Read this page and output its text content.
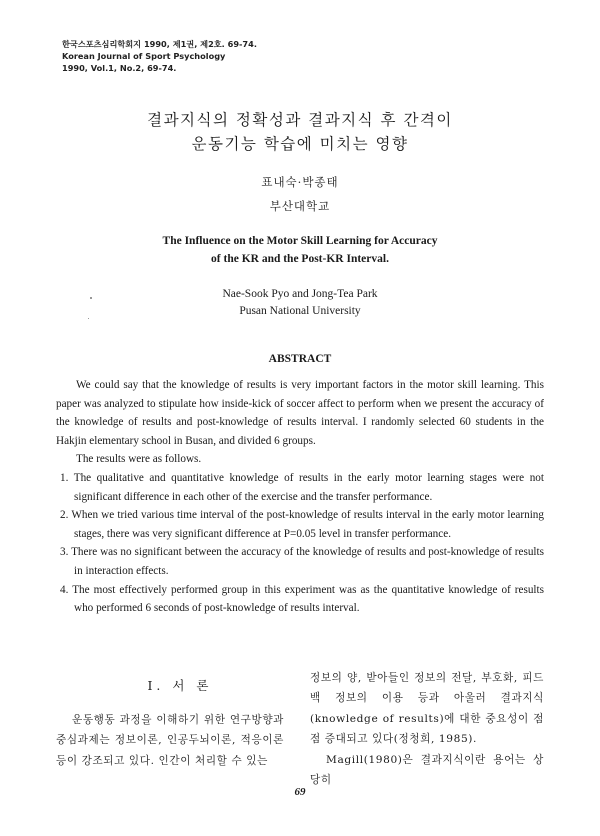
한국스포츠심리학회지 1990, 제1권, 제2호. 69-74.
Korean Journal of Sport Psychology
1990, Vol.1, No.2, 69-74.
결과지식의 정확성과 결과지식 후 간격이
운동기능 학습에 미치는 영향
표내숙·박종태
부산대학교
The Influence on the Motor Skill Learning for Accuracy
of the KR and the Post-KR Interval.
Nae-Sook Pyo and Jong-Tea Park
Pusan National University
ABSTRACT

We could say that the knowledge of results is very important factors in the motor skill learning. This paper was analyzed to stipulate how inside-kick of soccer affect to perform when we present the accuracy of the knowledge of results and post-knowledge of results interval. I randomly selected 60 students in the Hakjin elementary school in Busan, and divided 6 groups.

The results were as follows.

1. The qualitative and quantitative knowledge of results in the early motor learning stages were not significant difference in each other of the exercise and the transfer performance.
2. When we tried various time interval of the post-knowledge of results interval in the early motor learning stages, there was very significant difference at P=0.05 level in transfer performance.
3. There was no significant between the accuracy of the knowledge of results and post-knowledge of results in interaction effects.
4. The most effectively performed group in this experiment was as the quantitative knowledge of results who performed 6 seconds of post-knowledge of results interval.
I. 서 론

운동행동 과정을 이해하기 위한 연구방향과 중심과제는 정보이론, 인공두뇌이론, 적응이론 등이 강조되고 있다. 인간이 처리할 수 있는

정보의 양, 받아들인 정보의 전달, 부호화, 피드백 정보의 이용 등과 아울러 결과지식 (knowledge of results)에 대한 중요성이 점 점 증대되고 있다(정청희, 1985).

Magill(1980)은 결과지식이란 용어는 상당히

69
